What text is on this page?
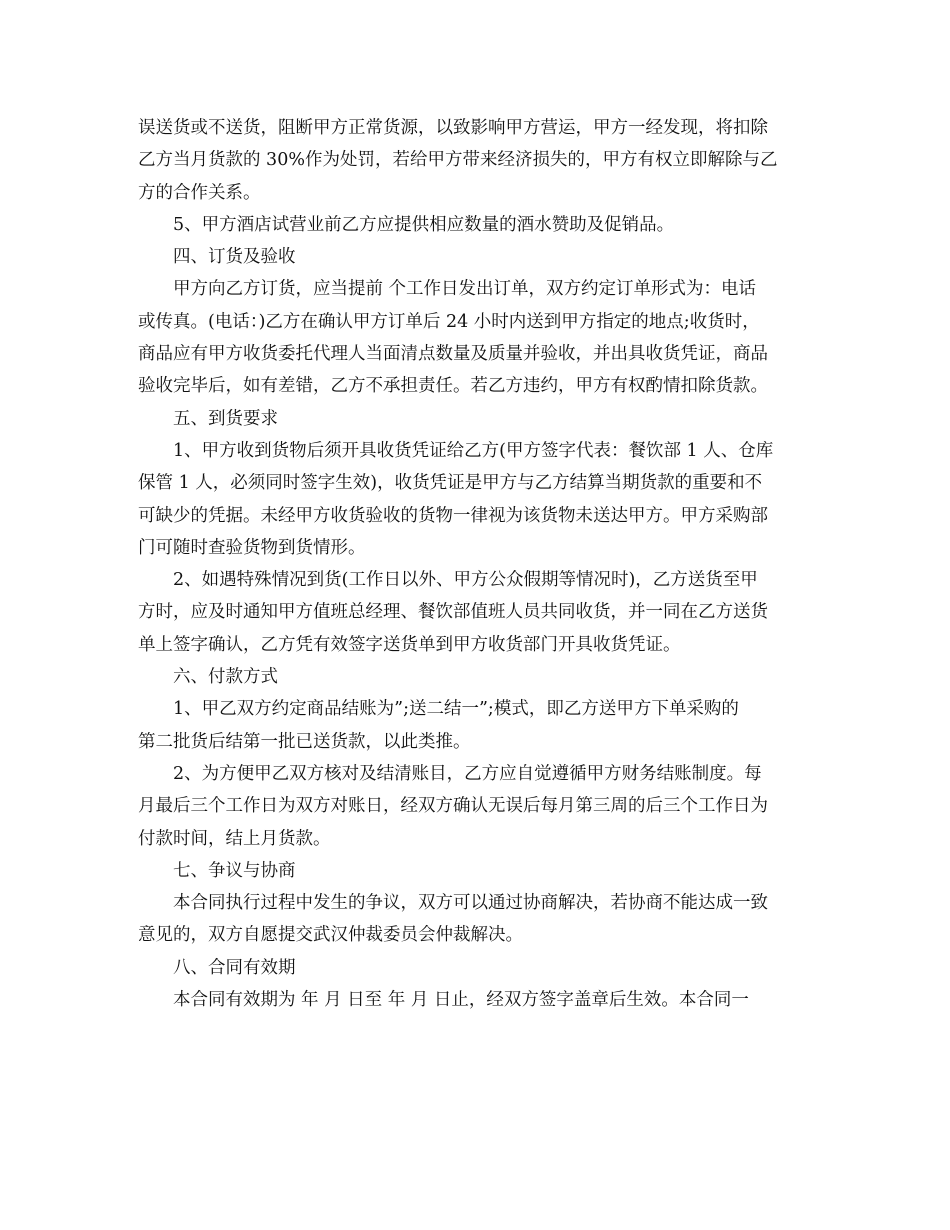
误送货或不送货，阻断甲方正常货源，以致影响甲方营运，甲方一经发现，将扣除
乙方当月货款的 30%作为处罚，若给甲方带来经济损失的，甲方有权立即解除与乙
方的合作关系。
　　5、甲方酒店试营业前乙方应提供相应数量的酒水赞助及促销品。
　　四、订货及验收
　　甲方向乙方订货，应当提前 个工作日发出订单，双方约定订单形式为：电话
或传真。(电话：)乙方在确认甲方订单后 24 小时内送到甲方指定的地点;收货时，
商品应有甲方收货委托代理人当面清点数量及质量并验收，并出具收货凭证，商品
验收完毕后，如有差错，乙方不承担责任。若乙方违约，甲方有权酌情扣除货款。
　　五、到货要求
　　1、甲方收到货物后须开具收货凭证给乙方(甲方签字代表：餐饮部 1 人、仓库
保管 1 人，必须同时签字生效)，收货凭证是甲方与乙方结算当期货款的重要和不
可缺少的凭据。未经甲方收货验收的货物一律视为该货物未送达甲方。甲方采购部
门可随时查验货物到货情形。
　　2、如遇特殊情况到货(工作日以外、甲方公众假期等情况时)，乙方送货至甲
方时，应及时通知甲方值班总经理、餐饮部值班人员共同收货，并一同在乙方送货
单上签字确认，乙方凭有效签字送货单到甲方收货部门开具收货凭证。
　　六、付款方式
　　1、甲乙双方约定商品结账为”;送二结一”;模式，即乙方送甲方下单采购的
第二批货后结第一批已送货款，以此类推。
　　2、为方便甲乙双方核对及结清账目，乙方应自觉遵循甲方财务结账制度。每
月最后三个工作日为双方对账日，经双方确认无误后每月第三周的后三个工作日为
付款时间，结上月货款。
　　七、争议与协商
　　本合同执行过程中发生的争议，双方可以通过协商解决，若协商不能达成一致
意见的，双方自愿提交武汉仲裁委员会仲裁解决。
　　八、合同有效期
　　本合同有效期为 年 月 日至 年 月 日止，经双方签字盖章后生效。本合同一
